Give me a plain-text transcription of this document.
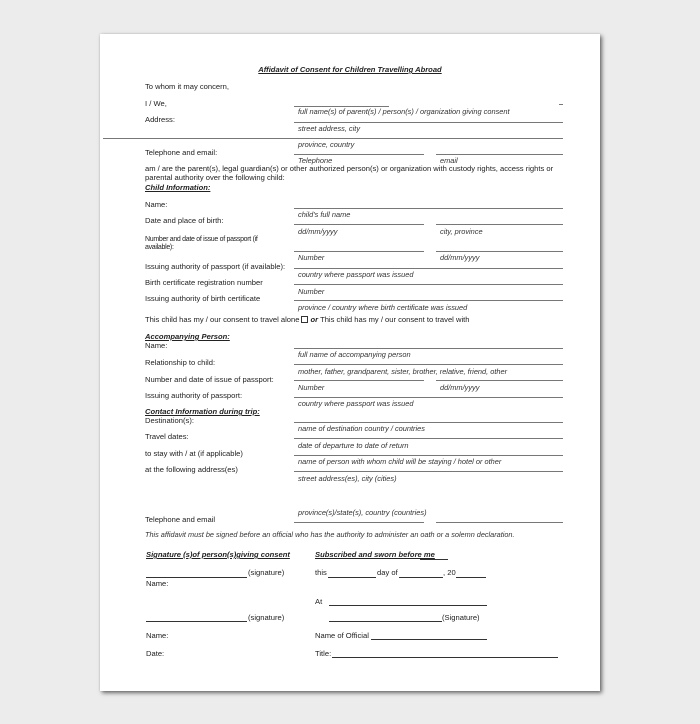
Affidavit of Consent for Children Travelling Abroad
To whom it may concern,
I / We,
full name(s) of parent(s) / person(s) / organization giving consent
Address:
street address, city
province, country
Telephone and email:
Telephone	email
am / are the parent(s), legal guardian(s) or other authorized person(s) or organization with custody rights, access rights or
parental authority over the following child:
Child Information:
Name:
child's full name
Date and place of birth:
dd/mm/yyyy	city, province
Number and date of issue of passport (if
available):
Number	dd/mm/yyyy
Issuing authority of passport (if available):
country where passport was issued
Birth certificate registration number
Number
Issuing authority of birth certificate
province / country where birth certificate was issued
This child has my / our consent to travel alone or This child has my / our consent to travel with
Accompanying Person:
Name:
full name of accompanying person
Relationship to child:
mother, father, grandparent, sister, brother, relative, friend, other
Number and date of issue of passport:
Number	dd/mm/yyyy
Issuing authority of passport:
country where passport was issued
Contact Information during trip:
Destination(s):
name of destination country / countries
Travel dates:
date of departure to date of return
to stay with / at (if applicable)
name of person with whom child will be staying / hotel or other
at the following address(es)
street address(es), city (cities)
province(s)/state(s), country (countries)
Telephone and email
This affidavit must be signed before an official who has the authority to administer an oath or a solemn declaration.
Signature (s)of person(s)giving consent	Subscribed and sworn before me
(signature)	this	day of	, 20
Name:
At
(signature)	(Signature)
Name:	Name of Official
Date:	Title:
